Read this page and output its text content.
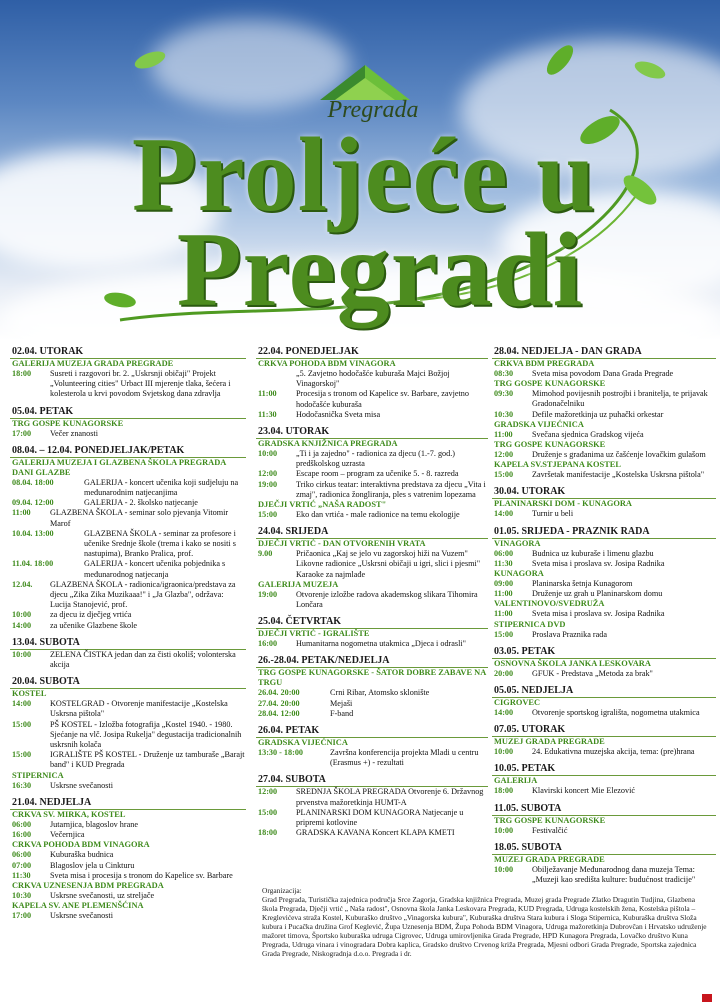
Pregrada
Proljeće u
Pregradi
02.04. UTORAK
GALERIJA MUZEJA GRADA PREGRADE
18:00	Susreti i razgovori br. 2. „Uskrsnji običaji" Projekt „Volunteering cities" Urbact III mjerenje tlaka, šećera i kolesterola u krvi povodom Svjetskog dana zdravlja
05.04. PETAK
TRG GOSPE KUNAGORSKE
17:00	Večer znanosti
08.04. – 12.04. PONEDJELJAK/PETAK
GALERIJA MUZEJA I GLAZBENA ŠKOLA PREGRADA DANI GLAZBE
08.04. 18:00	GALERIJA - koncert učenika koji sudjeluju na međunarodnim natjecanjima
09.04. 12:00	GALERIJA - 2. školsko natjecanje
11:00	GLAZBENA ŠKOLA - seminar solo pjevanja Vitomir Marof
10.04. 13:00	GLAZBENA ŠKOLA - seminar za profesore i učenike Srednje škole (trema i kako se nositi s nastupima), Branko Pralica, prof.
11.04. 18:00	GALERIJA - koncert učenika pobjednika s međunarodnog natjecanja
12.04.	GLAZBENA ŠKOLA - radionica/igraonica/predstava za djecu „Zika Zika Muzikaaa!" i „Ja Glazba", održava: Lucija Stanojević, prof.
10:00	za djecu iz dječjeg vrtića
14:00	za učenike Glazbene škole
13.04. SUBOTA
10:00	ZELENA ČISTKA jedan dan za čisti okoliš; volonterska akcija
20.04. SUBOTA
KOSTEL
14:00	KOSTELGRAD - Otvorenje manifestacije „Kostelska Uskrsna pištola"
15:00	PŠ KOSTEL - Izložba fotografija „Kostel 1940. - 1980. Sjećanje na vlč. Josipa Rukelja" degustacija tradicionalnih uskrsnih kolača
15:00	IGRALIŠTE PŠ KOSTEL - Druženje uz tamburaše „Barajt band" i KUD Pregrada
STIPERNICA
16:30	Uskrsne svečanosti
21.04. NEDJELJA
CRKVA SV. MIRKA, KOSTEL
06:00	Jutarnjica, blagoslov hrane
16:00	Večernjica
CRKVA POHODA BDM VINAGORA
06:00	Kuburaška budnica
07:00	Blagoslov jela u Cinkturu
11:30	Sveta misa i procesija s tronom do Kapelice sv. Barbare
CRKVA UZNESENJA BDM PREGRADA
10:30	Uskrsne svečanosti, uz streljače
KAPELA SV. ANE PLEMENŠĆINA
17:00	Uskrsne svečanosti
22.04. PONEDJELJAK
CRKVA POHODA BDM VINAGORA
„5. Zavjetno hodočašće kuburaša Majci Božjoj Vinagorskoj"
11:00	Procesija s tronom od Kapelice sv. Barbare, zavjetno hodočašće kuburaša
11:30	Hodočasnička Sveta misa
23.04. UTORAK
GRADSKA KNJIŽNICA PREGRADA
10:00	„Ti i ja zajedno" - radionica za djecu (1.-7. god.) predškolskog uzrasta
12:00	Escape room – program za učenike 5. - 8. razreda
19:00	Triko cirkus teatar: interaktivna predstava za djecu „Vita i zmaj", radionica žongliranja, ples s vatrenim lopezama
DJEČJI VRTIĆ „NAŠA RADOST"
15:00	Eko dan vrtića - male radionice na temu ekologije
24.04. SRIJEDA
DJEČJI VRTIĆ - DAN OTVORENIH VRATA
9.00	Pričaonica „Kaj se jelo vu zagorskoj hiži na Vuzem" Likovne radionice „Uskrsni običaji u igri, slici i pjesmi" Karaoke za najmlađe
GALERIJA MUZEJA
19:00	Otvorenje izložbe radova akademskog slikara Tihomira Lončara
25.04. ČETVRTAK
DJEČJI VRTIĆ - IGRALIŠTE
16:00	Humanitarna nogometna utakmica „Djeca i odrasli"
26.-28.04. PETAK/NEDJELJA
TRG GOSPE KUNAGORSKE - ŠATOR DOBRE ZABAVE NA TRGU
26.04. 20:00	Crni Ribar, Atomsko sklonište
27.04. 20:00	Mejaši
28.04. 12:00	F-band
26.04. PETAK
GRADSKA VIJEĆNICA
13:30 - 18:00	Završna konferencija projekta Mladi u centru (Erasmus +) - rezultati
27.04. SUBOTA
12:00	SREDNJA ŠKOLA PREGRADA Otvorenje 6. Državnog prvenstva mažoretkinja HUMT-A
15:00	PLANINARSKI DOM KUNAGORA Natjecanje u pripremi kotlovine
18:00	GRADSKA KAVANA Koncert KLAPA KMETI
28.04. NEDJELJA - DAN GRADA
CRKVA BDM PREGRADA
08:30	Sveta misa povodom Dana Grada Pregrade
TRG GOSPE KUNAGORSKE
09:30	Mimohod povijesnih postrojbi i branitelja, te prijavak Gradonačelniku
10:30	Defile mažoretkinja uz puhački orkestar
GRADSKA VIJEĆNICA
11:00	Svečana sjednica Gradskog vijeća
TRG GOSPE KUNAGORSKE
12:00	Druženje s građanima uz čašćenje lovačkim gulašom
KAPELA SV.STJEPANA KOSTEL
15:00	Završetak manifestacije „Kostelska Uskrsna pištola"
30.04. UTORAK
PLANINARSKI DOM - KUNAGORA
14:00	Turnir u beli
01.05. SRIJEDA - PRAZNIK RADA
VINAGORA
06:00	Budnica uz kuburaše i limenu glazbu
11:30	Sveta misa i proslava sv. Josipa Radnika
KUNAGORA
09:00	Planinarska šetnja Kunagorom
11:00	Druženje uz grah u Planinarskom domu
VALENTINOVO/SVEDRUŽA
11:00	Sveta misa i proslava sv. Josipa Radnika
STIPERNICA DVD
15:00	Proslava Praznika rada
03.05. PETAK
OSNOVNA ŠKOLA JANKA LESKOVARA
20:00	GFUK - Predstava „Metoda za brak"
05.05. NEDJELJA
CIGROVEC
14:00	Otvorenje sportskog igrališta, nogometna utakmica
07.05. UTORAK
MUZEJ GRADA PREGRADE
10:00	24. Edukativna muzejska akcija, tema: (pre)hrana
10.05. PETAK
GALERIJA
18:00	Klavirski koncert Mie Elezović
11.05. SUBOTA
TRG GOSPE KUNAGORSKE
10:00	Festivalčić
18.05. SUBOTA
MUZEJ GRADA PREGRADE
10:00	Obilježavanje Međunarodnog dana muzeja Tema: „Muzeji kao središta kulture: budućnost tradicije"
Organizacija:
Grad Pregrada, Turistička zajednica područja Srce Zagorja, Gradska knjižnica Pregrada, Muzej grada Pregrade Zlatko Dragutin Tudjina, Glazbena škola Pregrada, Dječji vrtić „ Naša radost", Osnovna škola Janka Leskovara Pregrada, KUD Pregrada, Udruga kostelskih žena, Kostelska pištola – Kreglevićeva straža Kostel, Kuburaško društvo „Vinagorska kubura", Kuburaška društva Stara kubura i Sloga Stipernica, Kuburaška društva Složa kubura i Pucačka družina Grof Keglević, Župa Uznesenja BDM, Župa Pohoda BDM Vinagora, Udruga mažoretkinja Dubrovčan i Hrvatsko udruženje mažoret timova, Športsko kuburaška udruga Cigrovec, Udruga umirovljenika Grada Pregrade, HPD Kunagora Pregrada, Lovačko društvo Kuna Pregrada, Udruga vinara i vinogradara Dobra kaplica, Gradsko društvo Crvenog križa Pregrada, Mjesni odbori Grada Pregrade, Sportska zajednica Grada Pregrade, Niskogradnja d.o.o. Pregrada i dr.
